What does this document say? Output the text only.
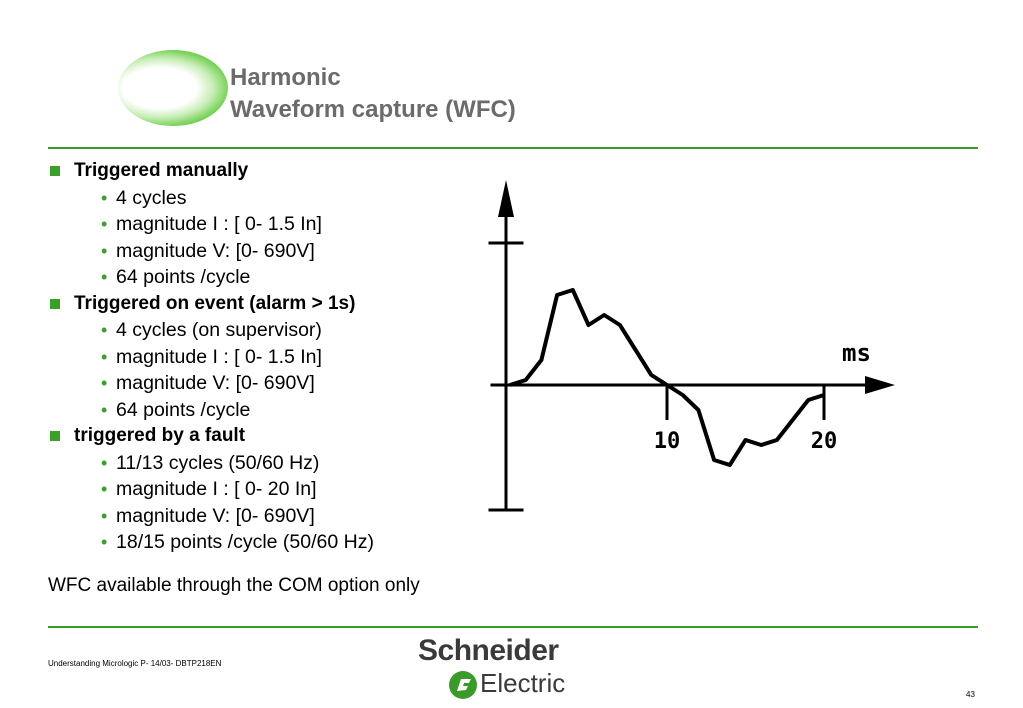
Harmonic
Waveform capture (WFC)
Triggered manually
• 4 cycles
• magnitude I : [ 0- 1.5 In]
• magnitude V: [0- 690V]
• 64 points /cycle
Triggered on event (alarm > 1s)
• 4 cycles (on supervisor)
• magnitude I : [ 0- 1.5 In]
• magnitude V: [0- 690V]
• 64 points /cycle
triggered by a fault
• 11/13 cycles (50/60 Hz)
• magnitude I : [ 0- 20 In]
• magnitude V: [0- 690V]
• 18/15 points /cycle (50/60 Hz)
WFC available through the COM option only
10	20
ms
Schneider
Electric
Understanding Micrologic P- 14/03- DBTP218EN
43
